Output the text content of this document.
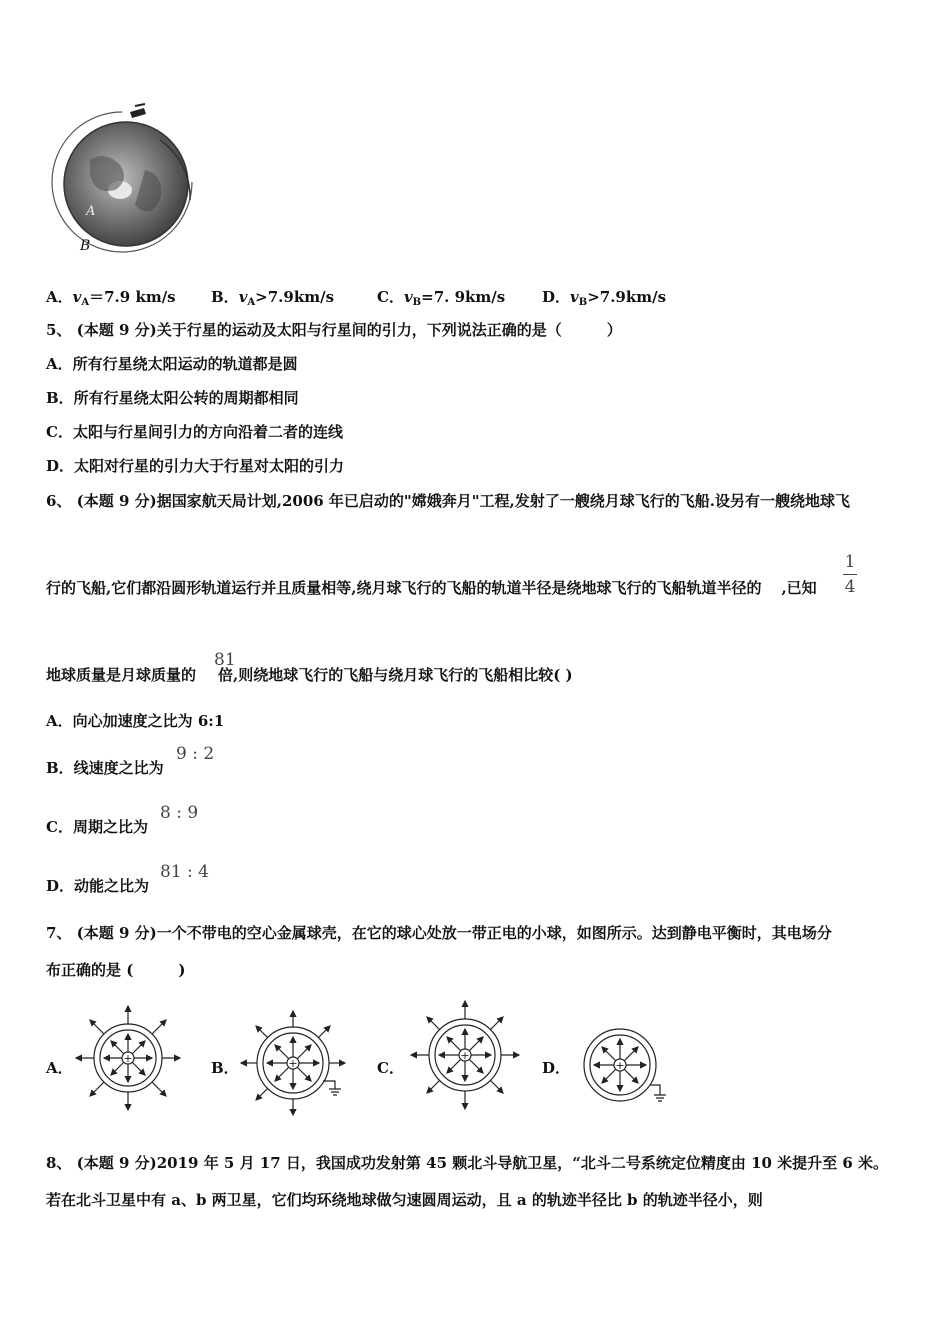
A
B
A．$v_A=7.9$ km/s B．$v_A>7.9km/s$	C．$v_B=7$. 9km/s D．$v_B>7.9km/s$
5、 (本题 9 分)关于行星的运动及太阳与行星间的引力，下列说法正确的是（　　　）
A．所有行星绕太阳运动的轨道都是圆
B．所有行星绕太阳公转的周期都相同
C．太阳与行星间引力的方向沿着二者的连线
D．太阳对行星的引力大于行星对太阳的引力
6、 (本题 9 分)据国家航天局计划,2006 年已启动的"嫦娥奔月"工程,发射了一艘绕月球飞行的飞船.设另有一艘绕地球飞
行的飞船,它们都沿圆形轨道运行并且质量相等,绕月球飞行的飞船的轨道半径是绕地球飞行的飞船轨道半径的 ,已知
1
4
地球质量是月球质量的 倍,则绕地球飞行的飞船与绕月球飞行的飞船相比较( )
81
A．向心加速度之比为 6:1
B．线速度之比为
9 : 2
C．周期之比为
8 : 9
D．动能之比为
81 : 4
7、 (本题 9 分)一个不带电的空心金属球壳，在它的球心处放一带正电的小球，如图所示。达到静电平衡时，其电场分
布正确的是 (　　　)
A．
+
B．	+	C．
+
D．	+
8、 (本题 9 分)2019 年 5 月 17 日，我国成功发射第 45 颗北斗导航卫星，“北斗二号系统定位精度由 10 米提升至 6 米。
若在北斗卫星中有 a、b 两卫星，它们均环绕地球做匀速圆周运动，且 a 的轨迹半径比 b 的轨迹半径小，则
